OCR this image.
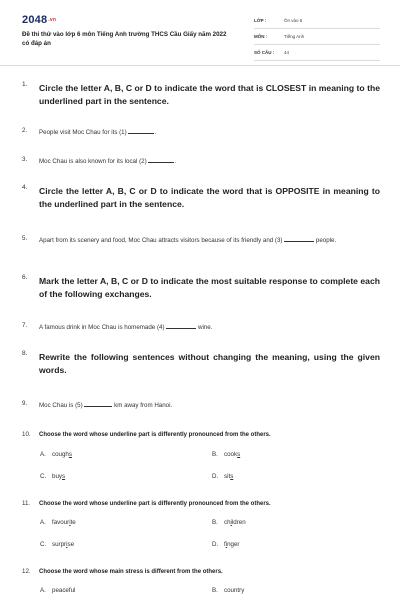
2048.vn
Đề thi thử vào lớp 6 môn Tiếng Anh trường THCS Cầu Giấy năm 2022 có đáp án
LỚP :	Ôn vào 6
MÔN :	Tiếng Anh
SỐ CÂU : 44
1. Circle the letter A, B, C or D to indicate the word that is CLOSEST in meaning to the underlined part in the sentence.
2. People visit Moc Chau for its (1)	.
3. Moc Chau is also known for its local (2)	.
4. Circle the letter A, B, C or D to indicate the word that is OPPOSITE in meaning to the underlined part in the sentence.
5. Apart from its scenery and food, Moc Chau attracts visitors because of its friendly and (3)	people.
6. Mark the letter A, B, C or D to indicate the most suitable response to complete each of the following exchanges.
7. A famous drink in Moc Chau is homemade (4)	wine.
8. Rewrite the following sentences without changing the meaning, using the given words.
9. Moc Chau is (5)	km away from Hanoi.
10. Choose the word whose underline part is differently pronounced from the others.
A. coughs	B. cooks
C. buys	D. sits
11. Choose the word whose underline part is differently pronounced from the others.
A. favourite	B. children
C. surprise	D. finger
12. Choose the word whose main stress is different from the others.
A. peaceful	B. country
